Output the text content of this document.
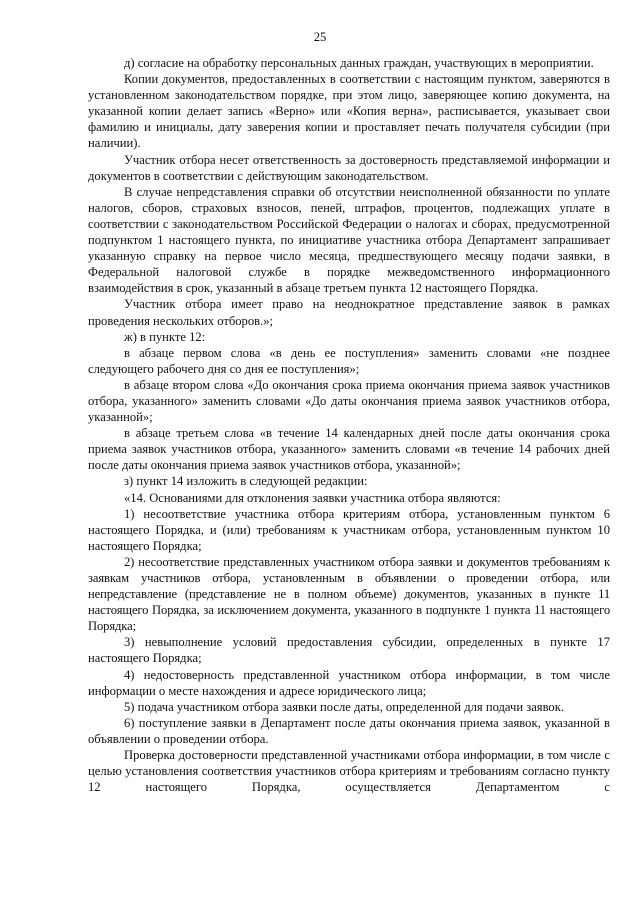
25

д) согласие на обработку персональных данных граждан, участвующих в мероприятии.

Копии документов, предоставленных в соответствии с настоящим пунктом, заверяются в установленном законодательством порядке, при этом лицо, заверяющее копию документа, на указанной копии делает запись «Верно» или «Копия верна», расписывается, указывает свои фамилию и инициалы, дату заверения копии и проставляет печать получателя субсидии (при наличии).

Участник отбора несет ответственность за достоверность представляемой информации и документов в соответствии с действующим законодательством.

В случае непредставления справки об отсутствии неисполненной обязанности по уплате налогов, сборов, страховых взносов, пеней, штрафов, процентов, подлежащих уплате в соответствии с законодательством Российской Федерации о налогах и сборах, предусмотренной подпунктом 1 настоящего пункта, по инициативе участника отбора Департамент запрашивает указанную справку на первое число месяца, предшествующего месяцу подачи заявки, в Федеральной налоговой службе в порядке межведомственного информационного взаимодействия в срок, указанный в абзаце третьем пункта 12 настоящего Порядка.

Участник отбора имеет право на неоднократное представление заявок в рамках проведения нескольких отборов.»;

ж) в пункте 12:

в абзаце первом слова «в день ее поступления» заменить словами «не позднее следующего рабочего дня со дня ее поступления»;

в абзаце втором слова «До окончания срока приема окончания приема заявок участников отбора, указанного» заменить словами «До даты окончания приема заявок участников отбора, указанной»;

в абзаце третьем слова «в течение 14 календарных дней после даты окончания срока приема заявок участников отбора, указанного» заменить словами «в течение 14 рабочих дней после даты окончания приема заявок участников отбора, указанной»;

з) пункт 14 изложить в следующей редакции:

«14. Основаниями для отклонения заявки участника отбора являются:

1) несоответствие участника отбора критериям отбора, установленным пунктом 6 настоящего Порядка, и (или) требованиям к участникам отбора, установленным пунктом 10 настоящего Порядка;

2) несоответствие представленных участником отбора заявки и документов требованиям к заявкам участников отбора, установленным в объявлении о проведении отбора, или непредставление (представление не в полном объеме) документов, указанных в пункте 11 настоящего Порядка, за исключением документа, указанного в подпункте 1 пункта 11 настоящего Порядка;

3) невыполнение условий предоставления субсидии, определенных в пункте 17 настоящего Порядка;

4) недостоверность представленной участником отбора информации, в том числе информации о месте нахождения и адресе юридического лица;

5) подача участником отбора заявки после даты, определенной для подачи заявок.

6) поступление заявки в Департамент после даты окончания приема заявок, указанной в объявлении о проведении отбора.

Проверка достоверности представленной участниками отбора информации, в том числе с целью установления соответствия участников отбора критериям и требованиям согласно пункту 12 настоящего Порядка, осуществляется Департаментом с
